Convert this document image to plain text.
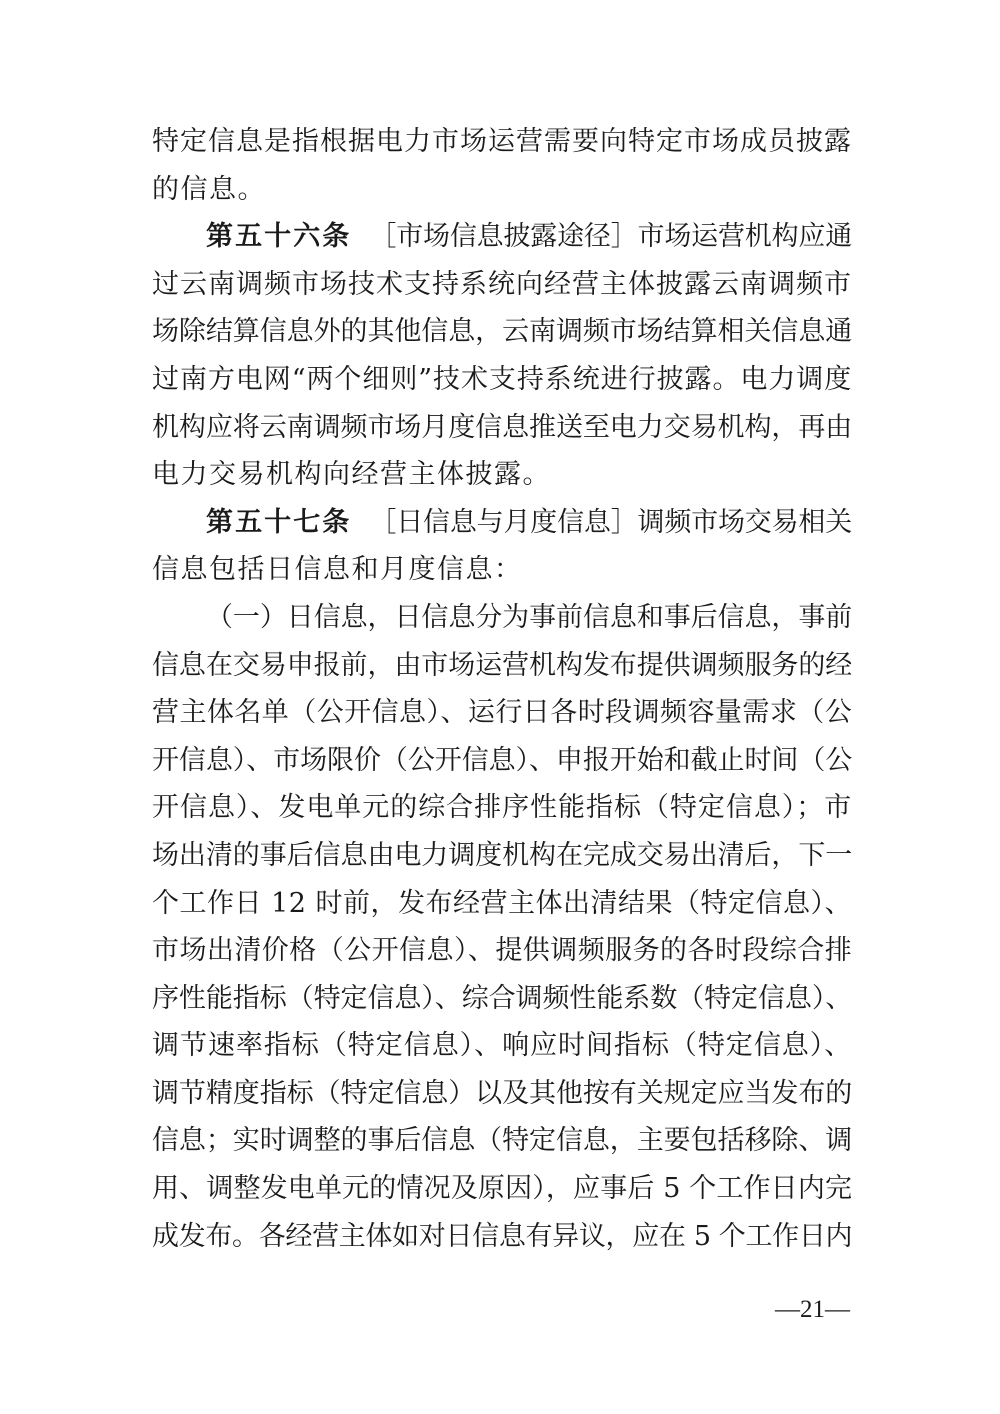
特定信息是指根据电力市场运营需要向特定市场成员披露
的信息。
第五十六条 ［市场信息披露途径］市场运营机构应通
过云南调频市场技术支持系统向经营主体披露云南调频市
场除结算信息外的其他信息，云南调频市场结算相关信息通
过南方电网“两个细则”技术支持系统进行披露。电力调度
机构应将云南调频市场月度信息推送至电力交易机构，再由
电力交易机构向经营主体披露。
第五十七条 ［日信息与月度信息］调频市场交易相关
信息包括日信息和月度信息：
（一）日信息，日信息分为事前信息和事后信息，事前
信息在交易申报前，由市场运营机构发布提供调频服务的经
营主体名单（公开信息）、运行日各时段调频容量需求（公
开信息）、市场限价（公开信息）、申报开始和截止时间（公
开信息）、发电单元的综合排序性能指标（特定信息）；市
场出清的事后信息由电力调度机构在完成交易出清后，下一
个工作日 12 时前，发布经营主体出清结果（特定信息）、
市场出清价格（公开信息）、提供调频服务的各时段综合排
序性能指标（特定信息）、综合调频性能系数（特定信息）、
调节速率指标（特定信息）、响应时间指标（特定信息）、
调节精度指标（特定信息）以及其他按有关规定应当发布的
信息；实时调整的事后信息（特定信息，主要包括移除、调
用、调整发电单元的情况及原因），应事后 5 个工作日内完
成发布。各经营主体如对日信息有异议，应在 5 个工作日内
—21—
